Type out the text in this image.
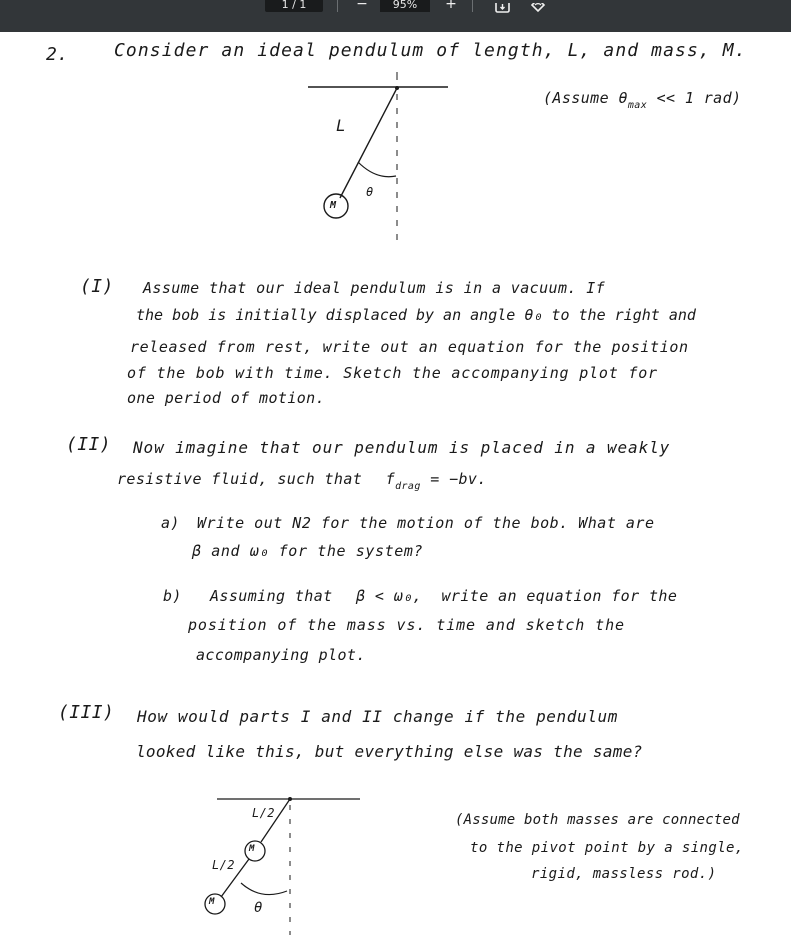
1 / 1	−	95%	+
2.	Consider an ideal pendulum of length, L, and mass, M.
(Assume $\theta_{max} << 1$ rad)
L
M
θ
(I) Assume that our ideal pendulum is in a vacuum. If
the bob is initially displaced by an angle θ₀ to the right and
released from rest, write out an equation for the position
of the bob with time. Sketch the accompanying plot for
one period of motion.
(II) Now imagine that our pendulum is placed in a weakly
resistive fluid, such that $f_{drag} = -bv$.
a) Write out N2 for the motion of the bob. What are
β and ω₀ for the system?
b) Assuming that β < ω₀, write an equation for the
position of the mass vs. time and sketch the
accompanying plot.
(III) How would parts I and II change if the pendulum
looked like this, but everything else was the same?
L/2
L/2
M
M	θ
(Assume both masses are connected
to the pivot point by a single,
rigid, massless rod.)
